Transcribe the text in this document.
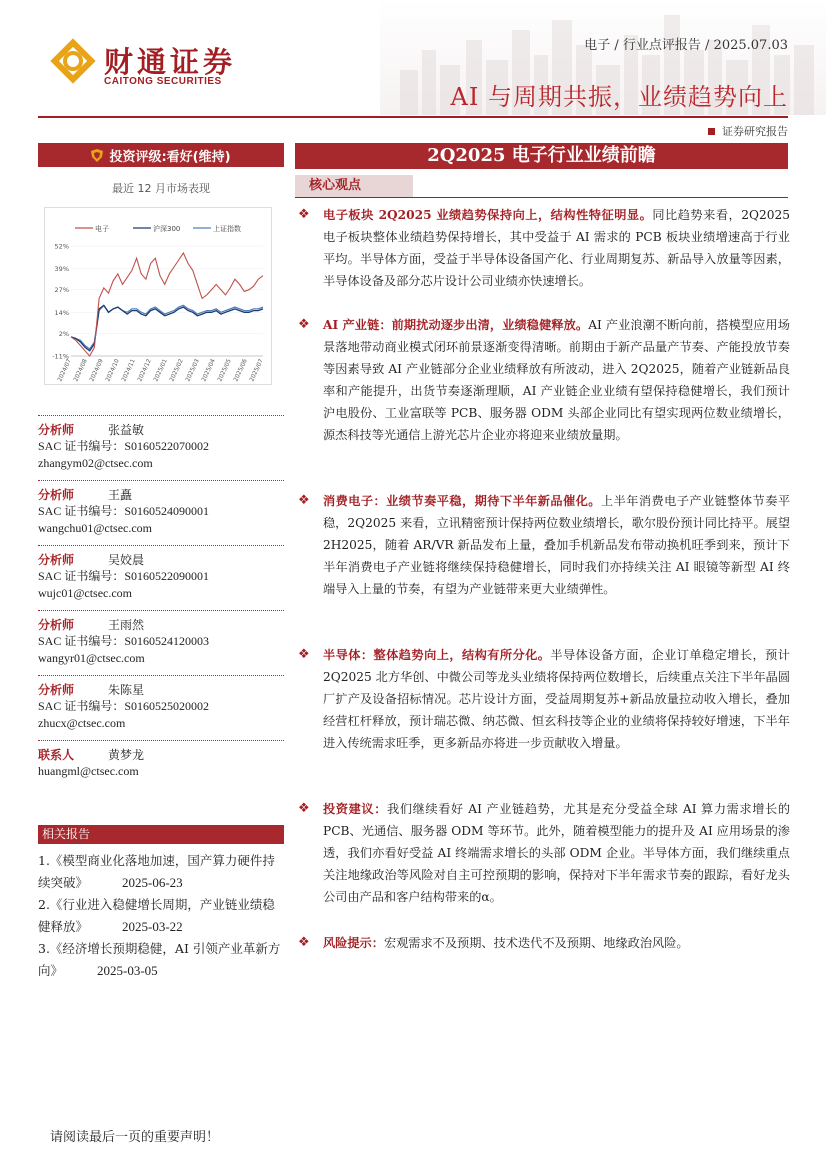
财通证券
CAITONG SECURITIES
电子 / 行业点评报告 / 2025.07.03
AI 与周期共振，业绩趋势向上
证券研究报告
投资评级:看好(维持)
最近 12 月市场表现
电子	沪深300	上证指数
52%
39%
27%
14%
2%
-11%
2024/07 2024/08 2024/09 2024/10 2024/11 2024/12 2025/01 2025/02 2025/03 2025/04 2025/05 2025/06 2025/07
分析师	张益敏
SAC 证书编号：S0160522070002
zhangym02@ctsec.com
分析师	王矗
SAC 证书编号：S0160524090001
wangchu01@ctsec.com
分析师	吴姣晨
SAC 证书编号：S0160522090001
wujc01@ctsec.com
分析师	王雨然
SAC 证书编号：S0160524120003
wangyr01@ctsec.com
分析师	朱陈星
SAC 证书编号：S0160525020002
zhucx@ctsec.com
联系人	黄梦龙
huangml@ctsec.com
相关报告
1.《模型商业化落地加速，国产算力硬件持续突破》	2025-06-23
2.《行业进入稳健增长周期，产业链业绩稳健释放》	2025-03-22
3.《经济增长预期稳健，AI 引领产业革新方向》	2025-03-05
2Q2025 电子行业业绩前瞻
核心观点
❖	电子板块 2Q2025 业绩趋势保持向上，结构性特征明显。同比趋势来看，2Q2025 电子板块整体业绩趋势保持增长，其中受益于 AI 需求的 PCB 板块业绩增速高于行业平均。半导体方面，受益于半导体设备国产化、行业周期复苏、新品导入放量等因素，半导体设备及部分芯片设计公司业绩亦快速增长。
❖	AI 产业链：前期扰动逐步出清，业绩稳健释放。AI 产业浪潮不断向前，搭模型应用场景落地带动商业模式闭环前景逐渐变得清晰。前期由于新产品量产节奏、产能投放节奏等因素导致 AI 产业链部分企业业绩释放有所波动，进入 2Q2025，随着产业链新品良率和产能提升，出货节奏逐渐理顺，AI 产业链企业业绩有望保持稳健增长，我们预计沪电股份、工业富联等 PCB、服务器 ODM 头部企业同比有望实现两位数业绩增长，源杰科技等光通信上游光芯片企业亦将迎来业绩放量期。
❖	消费电子：业绩节奏平稳，期待下半年新品催化。上半年消费电子产业链整体节奏平稳，2Q2025 来看，立讯精密预计保持两位数业绩增长，歌尔股份预计同比持平。展望 2H2025，随着 AR/VR 新品发布上量，叠加手机新品发布带动换机旺季到来，预计下半年消费电子产业链将继续保持稳健增长，同时我们亦持续关注 AI 眼镜等新型 AI 终端导入上量的节奏，有望为产业链带来更大业绩弹性。
❖	半导体：整体趋势向上，结构有所分化。半导体设备方面，企业订单稳定增长，预计 2Q2025 北方华创、中微公司等龙头业绩将保持两位数增长，后续重点关注下半年晶圆厂扩产及设备招标情况。芯片设计方面，受益周期复苏+新品放量拉动收入增长，叠加经营杠杆释放，预计瑞芯微、纳芯微、恒玄科技等企业的业绩将保持较好增速，下半年进入传统需求旺季，更多新品亦将进一步贡献收入增量。
❖	投资建议：我们继续看好 AI 产业链趋势，尤其是充分受益全球 AI 算力需求增长的 PCB、光通信、服务器 ODM 等环节。此外，随着模型能力的提升及 AI 应用场景的渗透，我们亦看好受益 AI 终端需求增长的头部 ODM 企业。半导体方面，我们继续重点关注地缘政治等风险对自主可控预期的影响，保持对下半年需求节奏的跟踪，看好龙头公司由产品和客户结构带来的α。
❖	风险提示：宏观需求不及预期、技术迭代不及预期、地缘政治风险。
请阅读最后一页的重要声明！
